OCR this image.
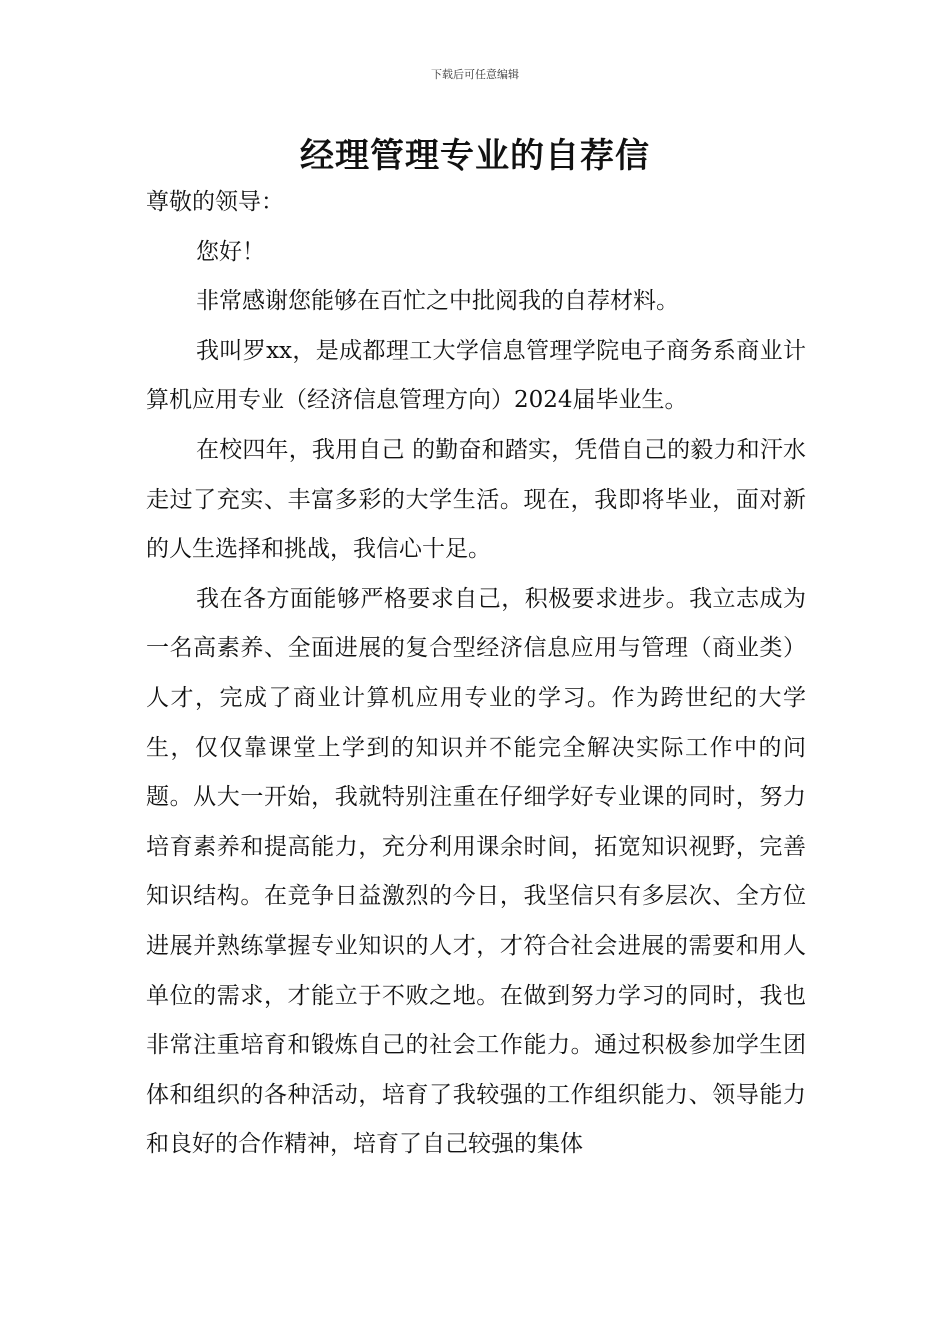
下载后可任意编辑
经理管理专业的自荐信

尊敬的领导：

您好！

非常感谢您能够在百忙之中批阅我的自荐材料。

我叫罗xx，是成都理工大学信息管理学院电子商务系商业计算机应用专业（经济信息管理方向）2024届毕业生。

在校四年，我用自己 的勤奋和踏实，凭借自己的毅力和汗水走过了充实、丰富多彩的大学生活。现在，我即将毕业，面对新的人生选择和挑战，我信心十足。

我在各方面能够严格要求自己，积极要求进步。我立志成为一名高素养、全面进展的复合型经济信息应用与管理（商业类）人才，完成了商业计算机应用专业的学习。作为跨世纪的大学生，仅仅靠课堂上学到的知识并不能完全解决实际工作中的问题。从大一开始，我就特别注重在仔细学好专业课的同时，努力培育素养和提高能力，充分利用课余时间，拓宽知识视野，完善知识结构。在竞争日益激烈的今日，我坚信只有多层次、全方位进展并熟练掌握专业知识的人才，才符合社会进展的需要和用人单位的需求，才能立于不败之地。在做到努力学习的同时，我也非常注重培育和锻炼自己的社会工作能力。通过积极参加学生团体和组织的各种活动，培育了我较强的工作组织能力、领导能力和良好的合作精神，培育了自己较强的集体
